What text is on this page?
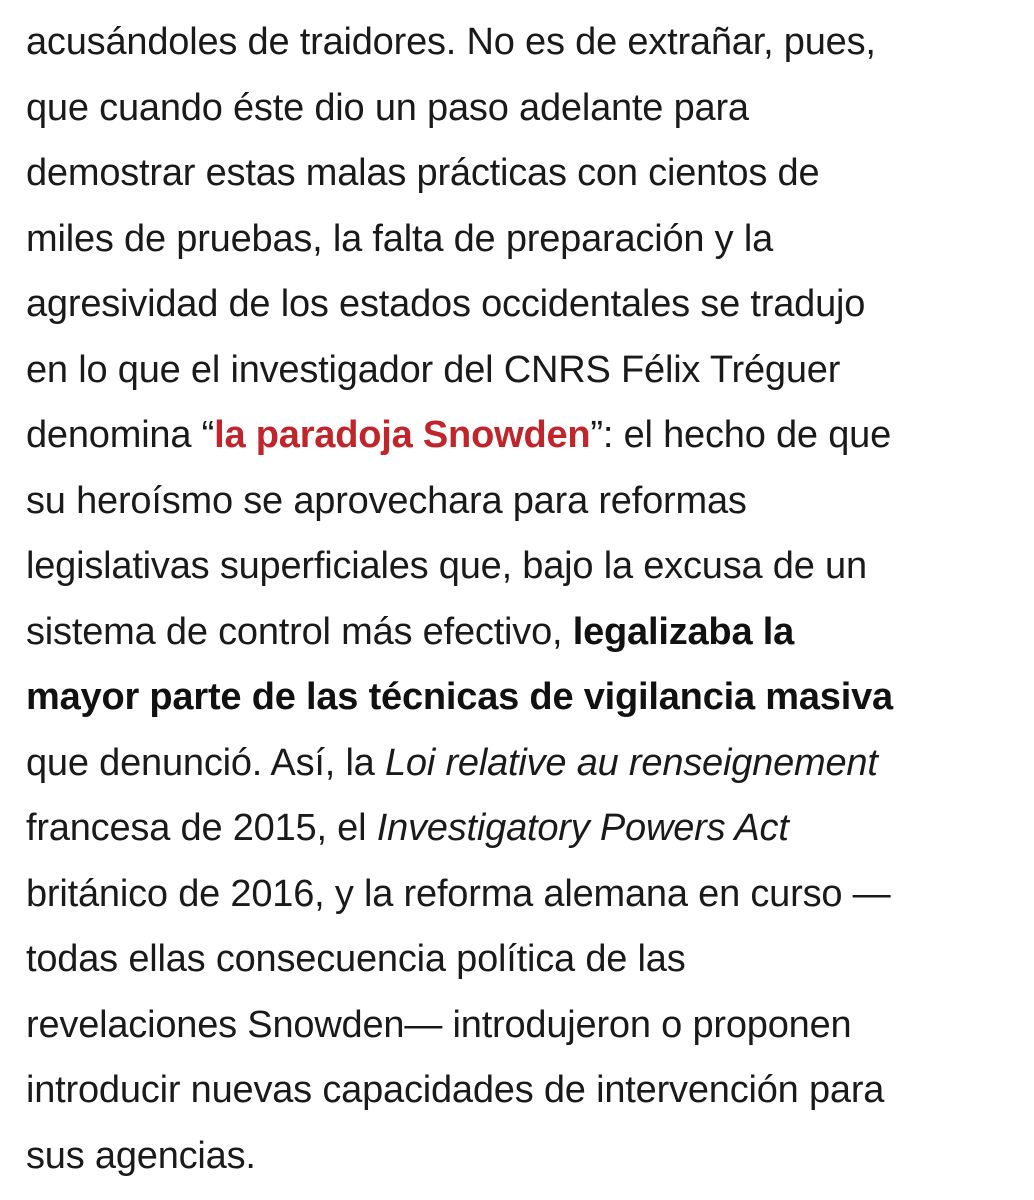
acusándoles de traidores. No es de extrañar, pues,
que cuando éste dio un paso adelante para
demostrar estas malas prácticas con cientos de
miles de pruebas, la falta de preparación y la
agresividad de los estados occidentales se tradujo
en lo que el investigador del CNRS Félix Tréguer
denomina “la paradoja Snowden”: el hecho de que
su heroísmo se aprovechara para reformas
legislativas superficiales que, bajo la excusa de un
sistema de control más efectivo, legalizaba la
mayor parte de las técnicas de vigilancia masiva
que denunció. Así, la Loi relative au renseignement
francesa de 2015, el Investigatory Powers Act
británico de 2016, y la reforma alemana en curso —
todas ellas consecuencia política de las
revelaciones Snowden— introdujeron o proponen
introducir nuevas capacidades de intervención para
sus agencias.
